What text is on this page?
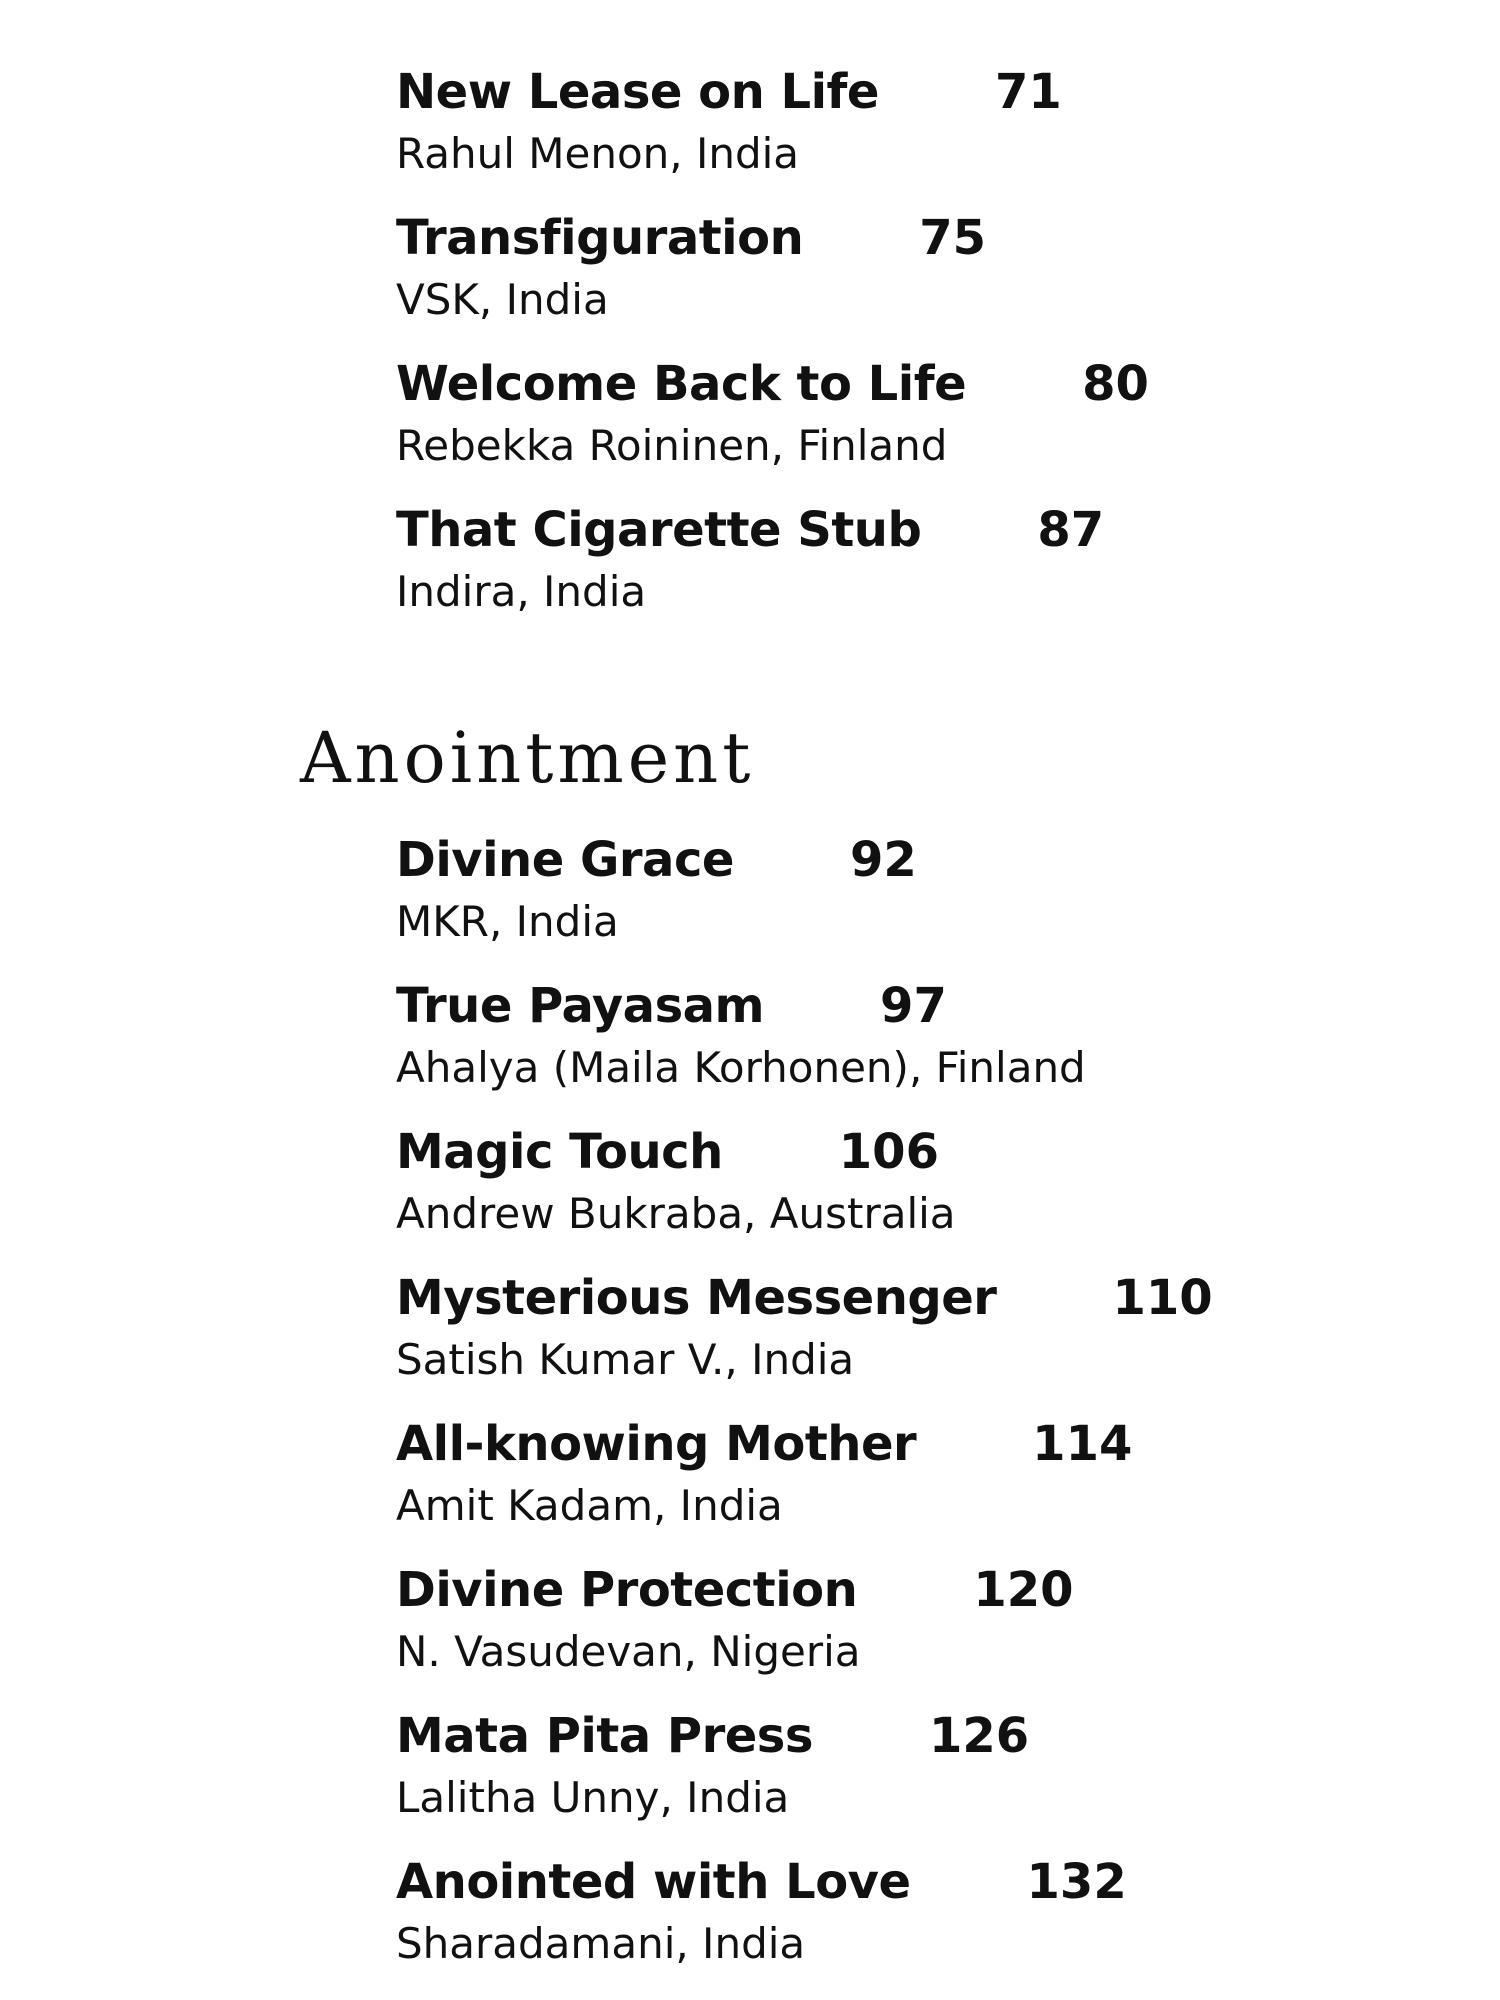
New Lease on Life 71
Rahul Menon, India
Transfiguration 75
VSK, India
Welcome Back to Life 80
Rebekka Roininen, Finland
That Cigarette Stub 87
Indira, India
Anointment
Divine Grace 92
MKR, India
True Payasam 97
Ahalya (Maila Korhonen), Finland
Magic Touch 106
Andrew Bukraba, Australia
Mysterious Messenger 110
Satish Kumar V., India
All-knowing Mother 114
Amit Kadam, India
Divine Protection 120
N. Vasudevan, Nigeria
Mata Pita Press 126
Lalitha Unny, India
Anointed with Love 132
Sharadamani, India
